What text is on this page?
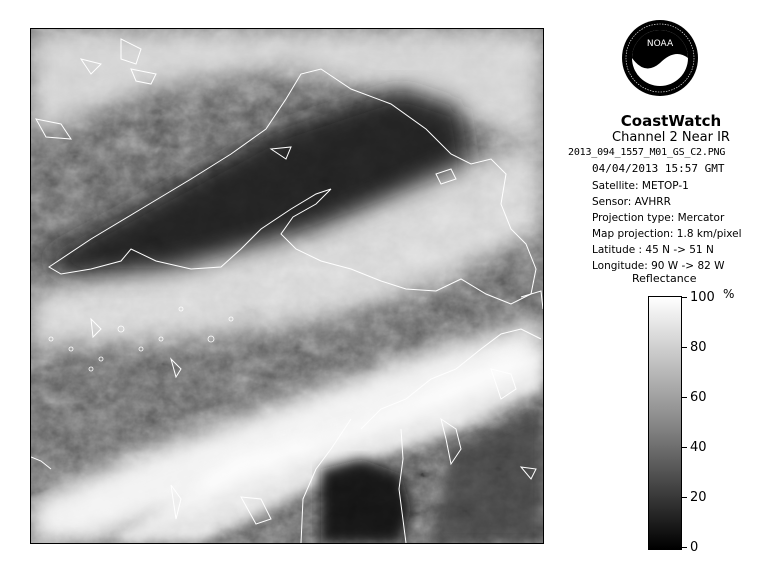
NOAA
CoastWatch
Channel 2 Near IR
2013_094_1557_M01_GS_C2.PNG
04/04/2013 15:57 GMT
Satellite: METOP-1
Sensor: AVHRR
Projection type: Mercator
Map projection: 1.8 km/pixel
Latitude : 45 N -> 51 N
Longitude: 90 W -> 82 W
Reflectance
%
100
80
60
40
20
0
